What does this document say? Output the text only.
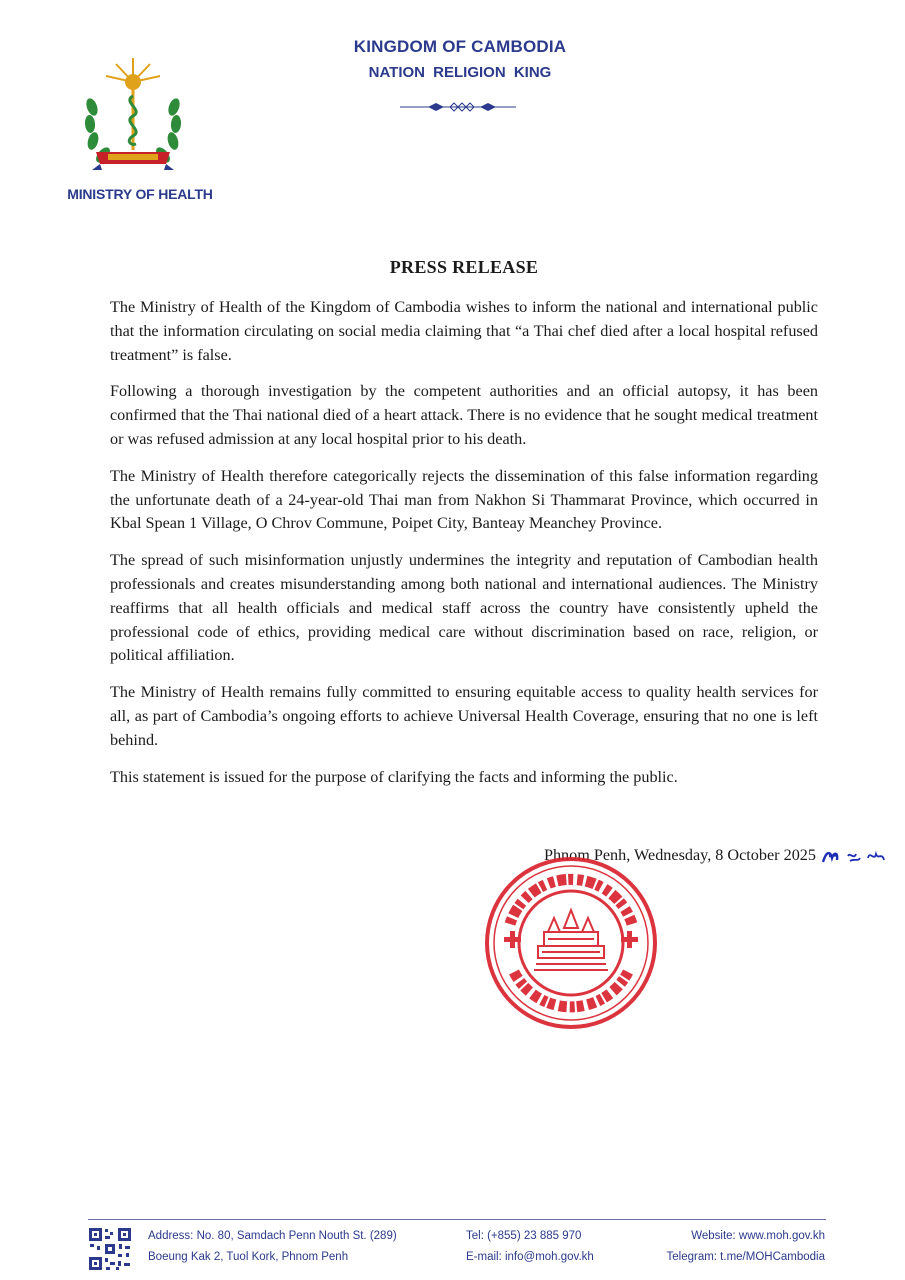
KINGDOM OF CAMBODIA
NATION RELIGION KING
MINISTRY OF HEALTH
PRESS RELEASE

The Ministry of Health of the Kingdom of Cambodia wishes to inform the national and international public that the information circulating on social media claiming that “a Thai chef died after a local hospital refused treatment” is false.

Following a thorough investigation by the competent authorities and an official autopsy, it has been confirmed that the Thai national died of a heart attack. There is no evidence that he sought medical treatment or was refused admission at any local hospital prior to his death.

The Ministry of Health therefore categorically rejects the dissemination of this false information regarding the unfortunate death of a 24-year-old Thai man from Nakhon Si Thammarat Province, which occurred in Kbal Spean 1 Village, O Chrov Commune, Poipet City, Banteay Meanchey Province.

The spread of such misinformation unjustly undermines the integrity and reputation of Cambodian health professionals and creates misunderstanding among both national and international audiences. The Ministry reaffirms that all health officials and medical staff across the country have consistently upheld the professional code of ethics, providing medical care without discrimination based on race, religion, or political affiliation.

The Ministry of Health remains fully committed to ensuring equitable access to quality health services for all, as part of Cambodia’s ongoing efforts to achieve Universal Health Coverage, ensuring that no one is left behind.

This statement is issued for the purpose of clarifying the facts and informing the public.

Phnom Penh, Wednesday, 8 October 2025
Address: No. 80, Samdach Penn Nouth St. (289)
Boeung Kak 2, Tuol Kork, Phnom Penh
Tel: (+855) 23 885 970
E-mail: info@moh.gov.kh
Website: www.moh.gov.kh
Telegram: t.me/MOHCambodia
